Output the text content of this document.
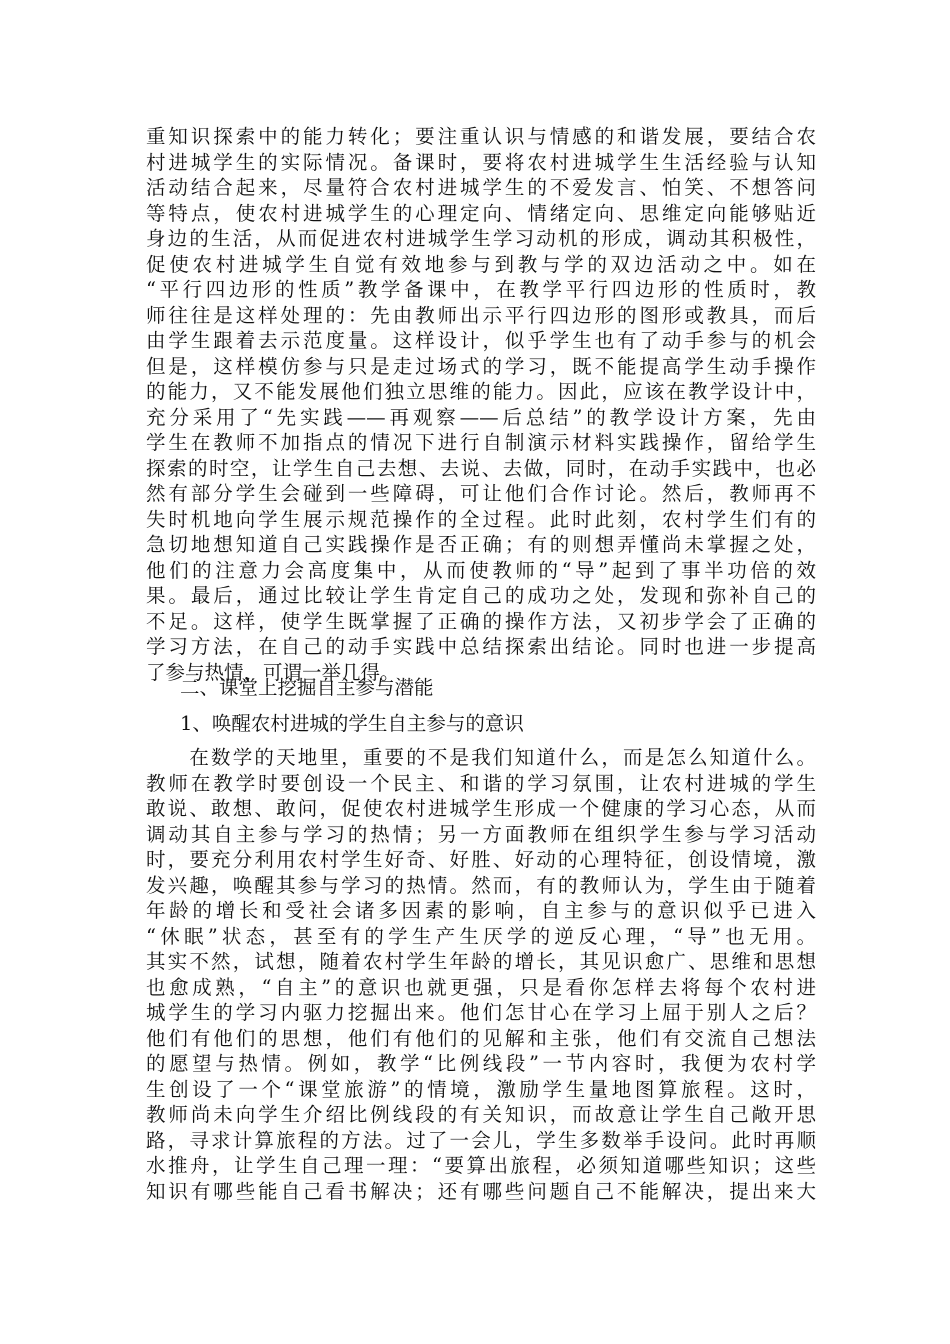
重知识探索中的能力转化；要注重认识与情感的和谐发展，要结合农
村进城学生的实际情况。备课时，要将农村进城学生生活经验与认知
活动结合起来，尽量符合农村进城学生的不爱发言、怕笑、不想答问
等特点，使农村进城学生的心理定向、情绪定向、思维定向能够贴近
身边的生活，从而促进农村进城学生学习动机的形成，调动其积极性，
促使农村进城学生自觉有效地参与到教与学的双边活动之中。如在
“平行四边形的性质”教学备课中，在教学平行四边形的性质时，教
师往往是这样处理的：先由教师出示平行四边形的图形或教具，而后
由学生跟着去示范度量。这样设计，似乎学生也有了动手参与的机会
但是，这样模仿参与只是走过场式的学习，既不能提高学生动手操作
的能力，又不能发展他们独立思维的能力。因此，应该在教学设计中，
充分采用了“先实践——再观察——后总结”的教学设计方案，先由
学生在教师不加指点的情况下进行自制演示材料实践操作，留给学生
探索的时空，让学生自己去想、去说、去做，同时，在动手实践中，也必
然有部分学生会碰到一些障碍，可让他们合作讨论。然后，教师再不
失时机地向学生展示规范操作的全过程。此时此刻，农村学生们有的
急切地想知道自己实践操作是否正确；有的则想弄懂尚未掌握之处，
他们的注意力会高度集中，从而使教师的“导”起到了事半功倍的效
果。最后，通过比较让学生肯定自己的成功之处，发现和弥补自己的
不足。这样，使学生既掌握了正确的操作方法，又初步学会了正确的
学习方法，在自己的动手实践中总结探索出结论。同时也进一步提高
了参与热情，可谓一举几得。
二、课堂上挖掘自主参与潜能
1、唤醒农村进城的学生自主参与的意识
　　在数学的天地里，重要的不是我们知道什么，而是怎么知道什么。
教师在教学时要创设一个民主、和谐的学习氛围，让农村进城的学生
敢说、敢想、敢问，促使农村进城学生形成一个健康的学习心态，从而
调动其自主参与学习的热情；另一方面教师在组织学生参与学习活动
时，要充分利用农村学生好奇、好胜、好动的心理特征，创设情境，激
发兴趣，唤醒其参与学习的热情。然而，有的教师认为，学生由于随着
年龄的增长和受社会诸多因素的影响，自主参与的意识似乎已进入
“休眠”状态，甚至有的学生产生厌学的逆反心理，“导”也无用。
其实不然，试想，随着农村学生年龄的增长，其见识愈广、思维和思想
也愈成熟，“自主”的意识也就更强，只是看你怎样去将每个农村进
城学生的学习内驱力挖掘出来。他们怎甘心在学习上屈于别人之后？
他们有他们的思想，他们有他们的见解和主张，他们有交流自己想法
的愿望与热情。例如，教学“比例线段”一节内容时，我便为农村学
生创设了一个“课堂旅游”的情境，激励学生量地图算旅程。这时，
教师尚未向学生介绍比例线段的有关知识，而故意让学生自己敞开思
路，寻求计算旅程的方法。过了一会儿，学生多数举手设问。此时再顺
水推舟，让学生自己理一理：“要算出旅程，必须知道哪些知识；这些
知识有哪些能自己看书解决；还有哪些问题自己不能解决，提出来大
